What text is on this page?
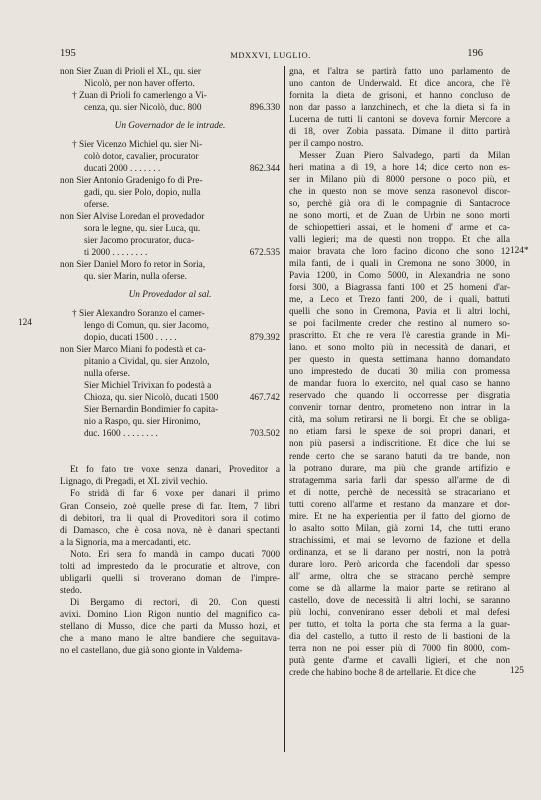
195	MDXXVI, LUGLIO.	196
124
124*
125
non Sier Zuan di Prioli el XL, qu. sier
Nicolò, per non haver offerto.
† Zuan di Prioli fo camerlengo a Vi-
cenza, qu. sier Nicolò, duc. 800	896.330
Un Governador de le intrade.
† Sier Vicenzo Michiel qu. sier Ni-
colò dotor, cavalier, procurator
ducati 2000 . . . . . . .	862.344
non Sier Antonio Gradenigo fo di Pre-
gadi, qu. sier Polo, dopio, nulla
oferse.
non Sier Alvise Loredan el provedador
sora le legne, qu. sier Luca, qu.
sier Jacomo procurator, duca-
ti 2000 . . . . . . . .	672.535
non Sier Daniel Moro fo retor in Soria,
qu. sier Marin, nulla oferse.
Un Provedador al sal.
† Sier Alexandro Soranzo el camer-
lengo di Comun, qu. sier Jacomo,
dopio, ducati 1500 . . . . .	879.392
non Sier Marco Miani fo podestà et ca-
pitanio a Cividal, qu. sier Anzolo,
nulla oferse.
Sier Michiel Trivixan fo podestà a
Chioza, qu. sier Nicolò, ducati 1500	467.742
Sier Bernardin Bondimier fo capita-
nio a Raspo, qu. sier Hironimo,
duc. 1600 . . . . . . . .	703.502
Et fo fato tre voxe senza danari, Proveditor a
Lignago, di Pregadi, et XL zivil vechio.
Fo stridà di far 6 voxe per danari il primo
Gran Conseio, zoè quelle prese di far. Item, 7 libri
di debitori, tra li qual di Proveditori sora il cotimo
di Damasco, che è cosa nova, nè è danari spectanti
a la Signoria, ma a mercadanti, etc.
Noto. Eri sera fo mandà in campo ducati 7000
tolti ad imprestedo da le procuratie et altrove, con
ubligarli quelli si troverano doman de l'impre-
stedo.
Di Bergamo di rectori, dì 20. Con questi
avixi. Domino Lion Rigon nuntio del magnifico ca-
stellano di Musso, dice che parti da Musso hozi, et
che a mano mano le altre bandiere che seguitava-
no el castellano, due già sono gionte in Valdema-
gna, et l'altra se partirà fatto uno parlamento de
uno canton de Underwald. Et dice ancora, che l'è
fornita la dieta de grisoni, et hanno concluso de
non dar passo a lanzchinech, et che la dieta si fa in
Lucerna de tutti li cantoni se doveva fornir Mercore a
di 18, over Zobia passata. Dimane il ditto partirà
per il campo nostro.
Messer Zuan Piero Salvadego, parti da Milan
heri matina a dì 19, a hore 14; dice certo non es-
ser in Milano più di 8000 persone o poco più, et
che in questo non se move senza rasonevol discor-
so, perchè già ora di le compagnie di Santacroce
ne sono morti, et de Zuan de Urbin ne sono morti
de schiopettieri assai, et le homeni d' arme et ca-
valli legieri; ma de questi non troppo. Et che alla
maior bravata che loro facino dicono che sono 12
mila fanti, de i quali in Cremona ne sono 3000, in
Pavia 1200, in Como 5000, in Alexandria ne sono
forsi 300, a Biagrassa fanti 100 et 25 homeni d'ar-
me, a Leco et Trezo fanti 200, de i quali, battuti
quelli che sono in Cremona, Pavia et li altri lochi,
se poi facilmente creder che restino al numero so-
prascritto. Et che re vera l'è carestia grande in Mi-
lano. et sono molto più in necessità de danari, et
per questo in questa settimana hanno domandato
uno imprestedo de ducati 30 milia con promessa
de mandar fuora lo exercito, nel qual caso se hanno
reservado che quando li occorresse per disgratia
convenir tornar dentro, prometeno non intrar in la
cità, ma solum retirarsi ne li borgi. Et che se obliga-
no etiam farsi le spexe de soi propri danari, et
non più pasersi a indiscritione. Et dice che lui se
rende certo che se sarano batuti da tre bande, non
la potrano durare, ma più che grande artifizio e
stratagemma saria farli dar spesso all'arme de dì
et di notte, perchè de necessità se stracariano et
tutti coreno all'arme et restano da manzare et dor-
mire. Et ne ha experientia per il fatto del giorno de
lo asalto sotto Milan, già zorni 14, che tutti erano
strachissimi, et mai se levorno de fazione et della
ordinanza, et se li darano per nostri, non la potrà
durare loro. Però aricorda che facendoli dar spesso
all' arme, oltra che se stracano perchè sempre
come se dà allarme la maior parte se retirano al
castello, dove de necessità li altri lochi, se saranno
più lochi, convenirano esser deboli et mal defesi
per tutto, et tolta la porta che sta ferma a la guar-
dia del castello, a tutto il resto de li bastioni de la
terra non ne poi esser più di 7000 fin 8000, com-
putà gente d'arme et cavalli ligieri, et che non
crede che habino boche 8 de artellarie. Et dice che
